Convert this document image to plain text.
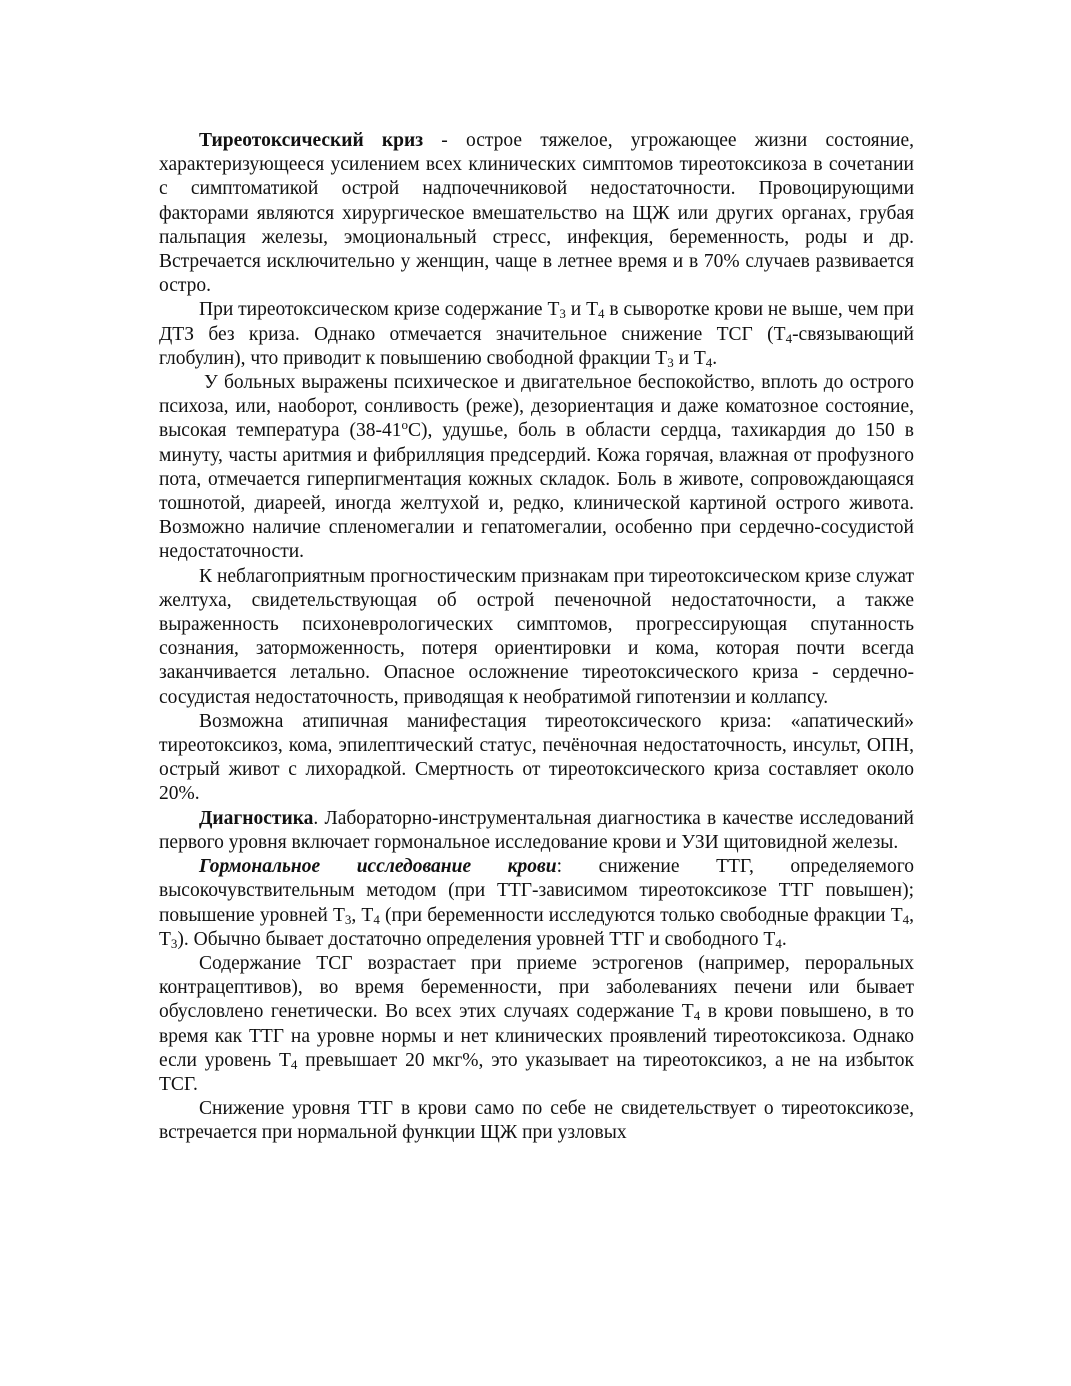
Тиреотоксический криз - острое тяжелое, угрожающее жизни состояние, характеризующееся усилением всех клинических симптомов тиреотоксикоза в сочетании с симптоматикой острой надпочечниковой недостаточности. Провоцирующими факторами являются хирургическое вмешательство на ЩЖ или других органах, грубая пальпация железы, эмоциональный стресс, инфекция, беременность, роды и др. Встречается исключительно у женщин, чаще в летнее время и в 70% случаев развивается остро.

При тиреотоксическом кризе содержание $Т_3$ и $Т_4$ в сыворотке крови не выше, чем при ДТЗ без криза. Однако отмечается значительное снижение ТСГ ($Т_4$-связывающий глобулин), что приводит к повышению свободной фракции $Т_3$ и $Т_4$.

У больных выражены психическое и двигательное беспокойство, вплоть до острого психоза, или, наоборот, сонливость (реже), дезориентация и даже коматозное состояние, высокая температура (38-41$^o$С), удушье, боль в области сердца, тахикардия до 150 в минуту, часты аритмия и фибрилляция предсердий. Кожа горячая, влажная от профузного пота, отмечается гиперпигментация кожных складок. Боль в животе, сопровождающаяся тошнотой, диареей, иногда желтухой и, редко, клинической картиной острого живота. Возможно наличие спленомегалии и гепатомегалии, особенно при сердечно-сосудистой недостаточности.

К неблагоприятным прогностическим признакам при тиреотоксическом кризе служат желтуха, свидетельствующая об острой печеночной недостаточности, а также выраженность психоневрологических симптомов, прогрессирующая спутанность сознания, заторможенность, потеря ориентировки и кома, которая почти всегда заканчивается летально. Опасное осложнение тиреотоксического криза - сердечно-сосудистая недостаточность, приводящая к необратимой гипотензии и коллапсу.

Возможна атипичная манифестация тиреотоксического криза: «апатический» тиреотоксикоз, кома, эпилептический статус, печёночная недостаточность, инсульт, ОПН, острый живот с лихорадкой. Смертность от тиреотоксического криза составляет около 20%.

Диагностика. Лабораторно-инструментальная диагностика в качестве исследований первого уровня включает гормональное исследование крови и УЗИ щитовидной железы.

Гормональное исследование крови: снижение ТТГ, определяемого высокочувствительным методом (при ТТГ-зависимом тиреотоксикозе ТТГ повышен); повышение уровней $Т_3$, $Т_4$ (при беременности исследуются только свободные фракции $Т_4$, $Т_3$). Обычно бывает достаточно определения уровней ТТГ и свободного $Т_4$.

Содержание ТСГ возрастает при приеме эстрогенов (например, пероральных контрацептивов), во время беременности, при заболеваниях печени или бывает обусловлено генетически. Во всех этих случаях содержание $Т_4$ в крови повышено, в то время как ТТГ на уровне нормы и нет клинических проявлений тиреотоксикоза. Однако если уровень $Т_4$ превышает 20 мкг%, это указывает на тиреотоксикоз, а не на избыток ТСГ.

Снижение уровня ТТГ в крови само по себе не свидетельствует о тиреотоксикозе, встречается при нормальной функции ЩЖ при узловых
